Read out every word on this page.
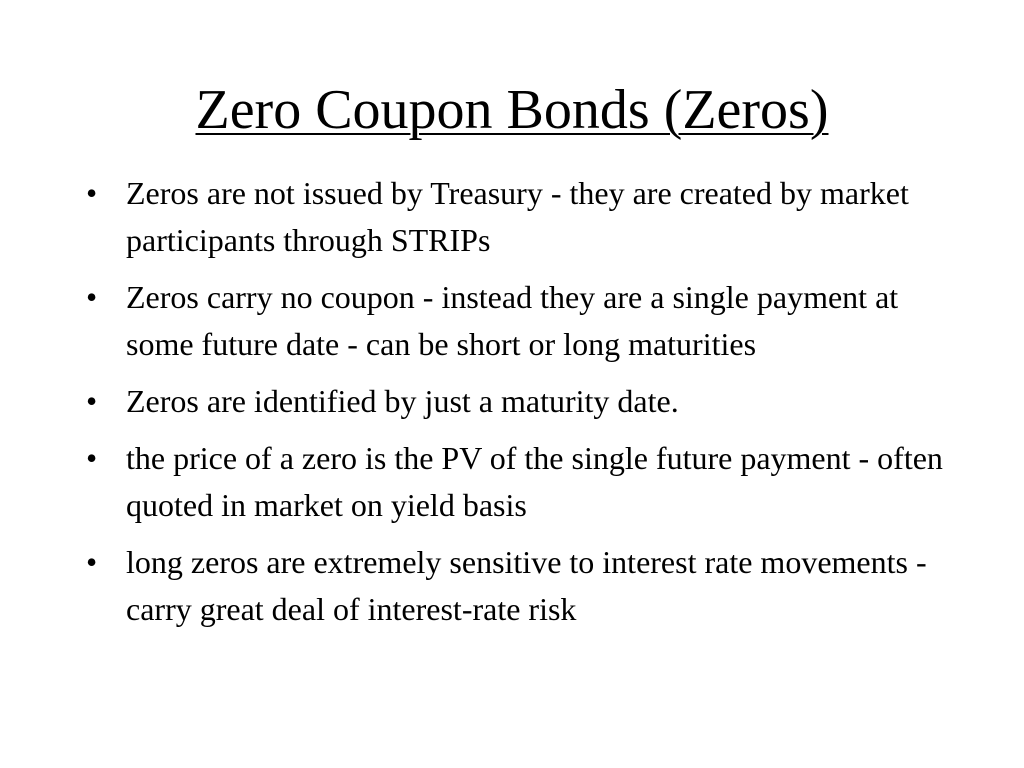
Zero Coupon Bonds (Zeros)
• Zeros are not issued by Treasury - they are created by market participants through STRIPs
• Zeros carry no coupon - instead they are a single payment at some future date - can be short or long maturities
• Zeros are identified by just a maturity date.
• the price of a zero is the PV of the single future payment - often quoted in market on yield basis
• long zeros are extremely sensitive to interest rate movements - carry great deal of interest-rate risk
